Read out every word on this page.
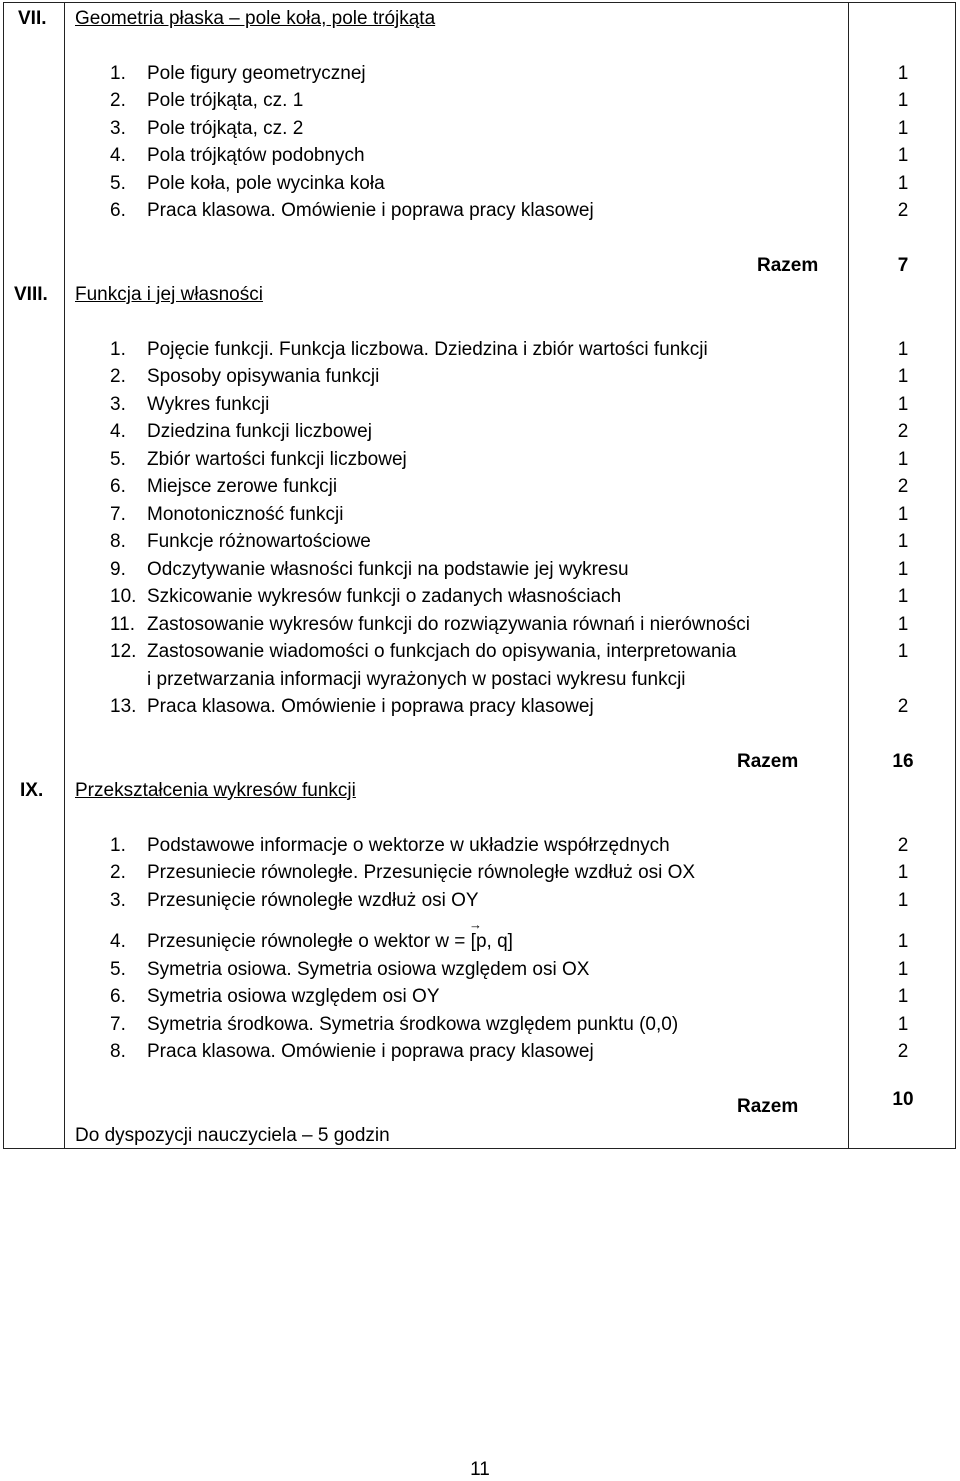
VII. Geometria płaska – pole koła, pole trójkąta
1. Pole figury geometrycznej	1
2. Pole trójkąta, cz. 1	1
3. Pole trójkąta, cz. 2	1
4. Pola trójkątów podobnych	1
5. Pole koła, pole wycinka koła	1
6. Praca klasowa. Omówienie i poprawa pracy klasowej	2
Razem	7
VIII. Funkcja i jej własności
1. Pojęcie funkcji. Funkcja liczbowa. Dziedzina i zbiór wartości funkcji	1
2. Sposoby opisywania funkcji	1
3. Wykres funkcji	1
4. Dziedzina funkcji liczbowej	2
5. Zbiór wartości funkcji liczbowej	1
6. Miejsce zerowe funkcji	2
7. Monotoniczność funkcji	1
8. Funkcje różnowartościowe	1
9. Odczytywanie własności funkcji na podstawie jej wykresu	1
10. Szkicowanie wykresów funkcji o zadanych własnościach	1
11. Zastosowanie wykresów funkcji do rozwiązywania równań i nierówności	1
12. Zastosowanie wiadomości o funkcjach do opisywania, interpretowania
i przetwarzania informacji wyrażonych w postaci wykresu funkcji
1
13. Praca klasowa. Omówienie i poprawa pracy klasowej	2
Razem	16
IX. Przekształcenia wykresów funkcji
1. Podstawowe informacje o wektorze w układzie współrzędnych	2
2. Przesuniecie równoległe. Przesunięcie równoległe wzdłuż osi OX	1
3. Przesunięcie równoległe wzdłuż osi OY	1
→
4. Przesunięcie równoległe o wektor w = [p, q]	1
5. Symetria osiowa. Symetria osiowa względem osi OX	1
6. Symetria osiowa względem osi OY	1
7. Symetria środkowa. Symetria środkowa względem punktu (0,0)	1
8. Praca klasowa. Omówienie i poprawa pracy klasowej	2
Razem	10
Do dyspozycji nauczyciela – 5 godzin
11
